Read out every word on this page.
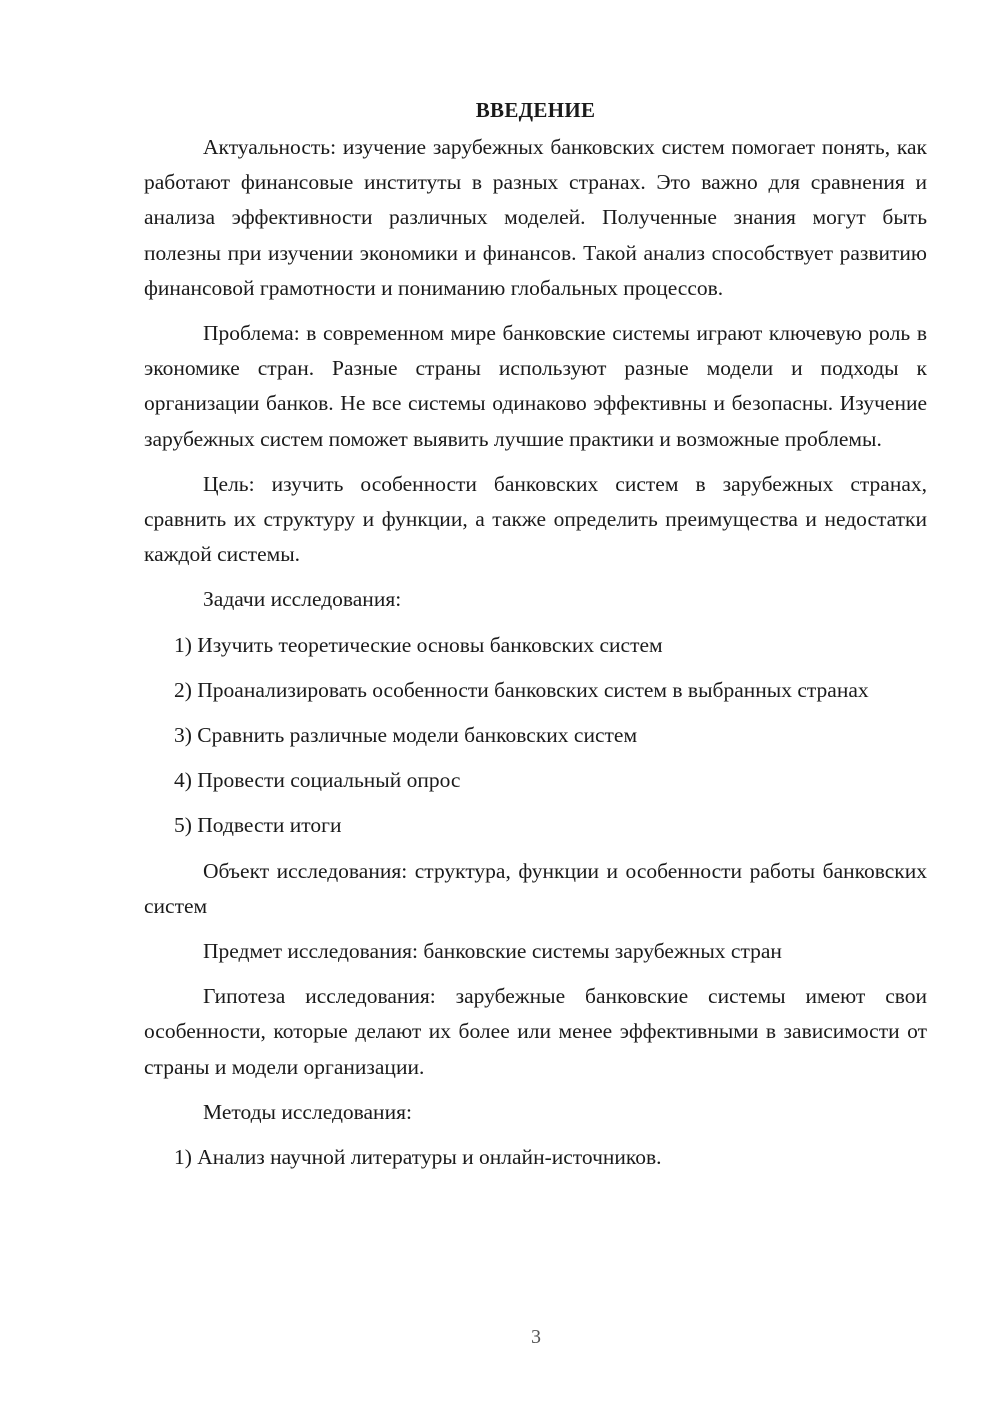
ВВЕДЕНИЕ

Актуальность: изучение зарубежных банковских систем помогает понять, как работают финансовые институты в разных странах. Это важно для сравнения и анализа эффективности различных моделей. Полученные знания могут быть полезны при изучении экономики и финансов. Такой анализ способствует развитию финансовой грамотности и пониманию глобальных процессов.

Проблема: в современном мире банковские системы играют ключевую роль в экономике стран. Разные страны используют разные модели и подходы к организации банков. Не все системы одинаково эффективны и безопасны. Изучение зарубежных систем поможет выявить лучшие практики и возможные проблемы.

Цель: изучить особенности банковских систем в зарубежных странах, сравнить их структуру и функции, а также определить преимущества и недостатки каждой системы.

Задачи исследования:

1) Изучить теоретические основы банковских систем

2) Проанализировать особенности банковских систем в выбранных странах

3) Сравнить различные модели банковских систем

4) Провести социальный опрос

5) Подвести итоги

Объект исследования: структура, функции и особенности работы банковских систем

Предмет исследования: банковские системы зарубежных стран

Гипотеза исследования: зарубежные банковские системы имеют свои особенности, которые делают их более или менее эффективными в зависимости от страны и модели организации.

Методы исследования:

1) Анализ научной литературы и онлайн-источников.

3
